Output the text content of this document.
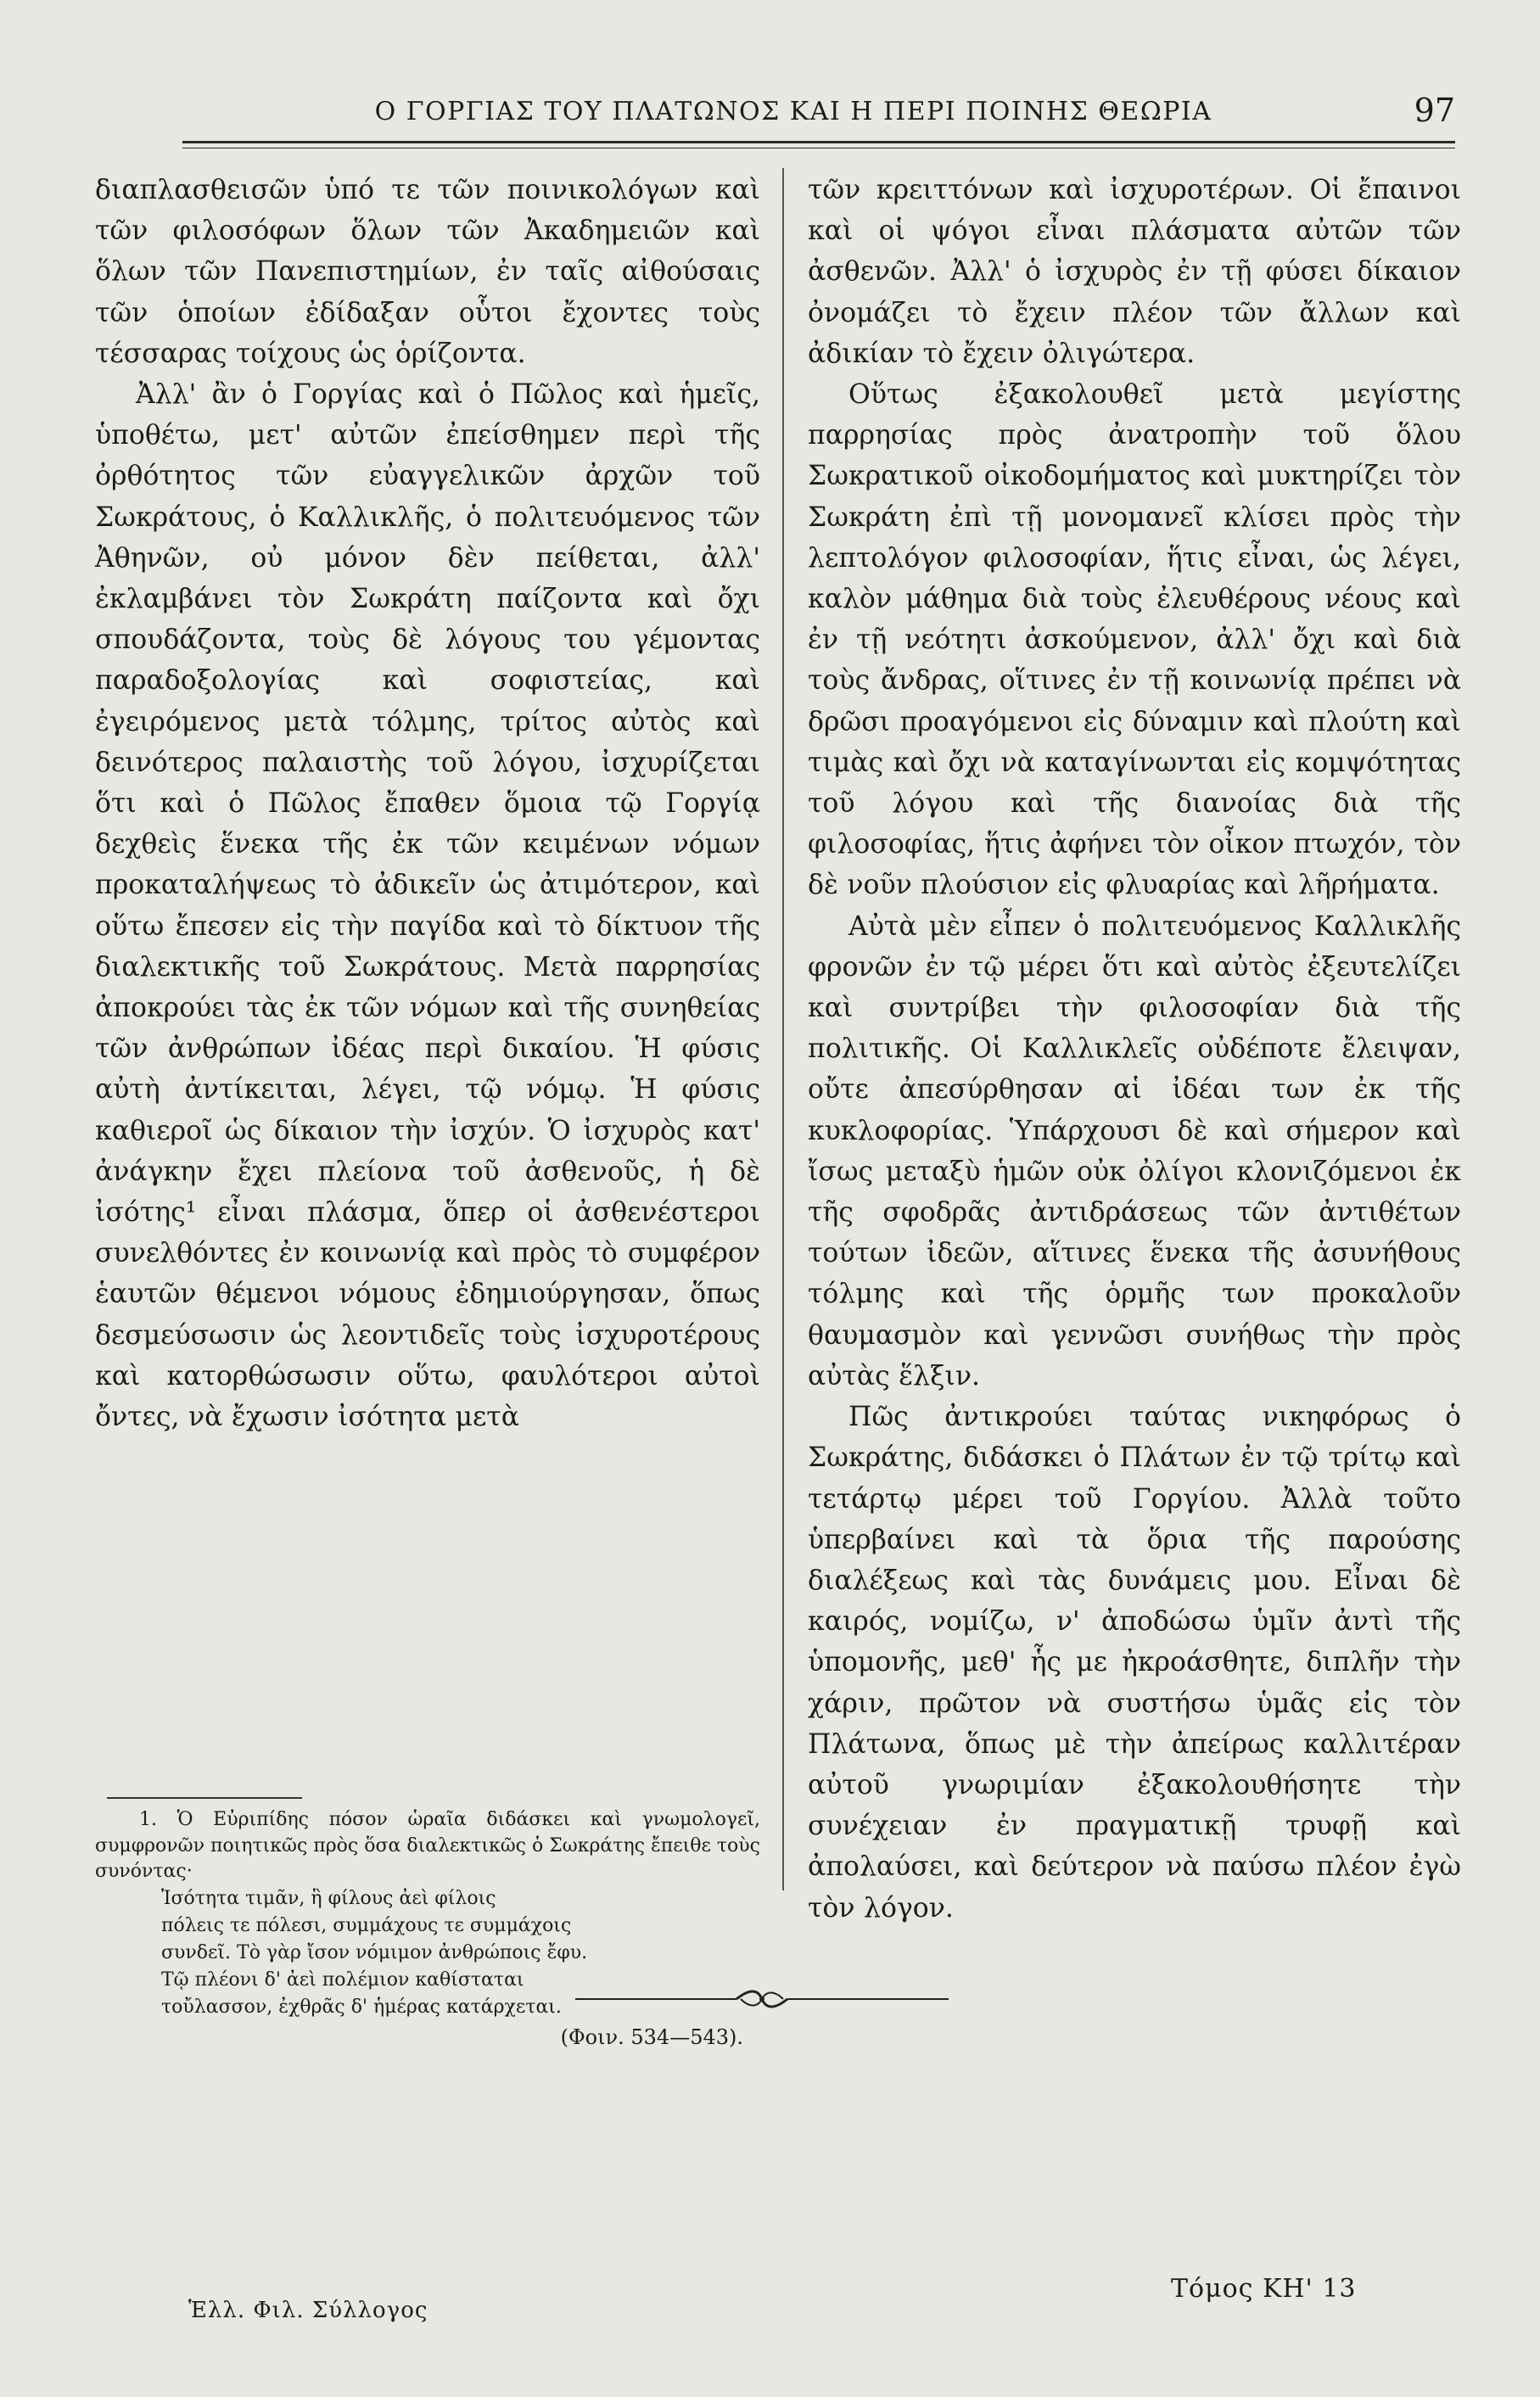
Ο ΓΟΡΓΙΑΣ ΤΟΥ ΠΛΑΤΩΝΟΣ ΚΑΙ Η ΠΕΡΙ ΠΟΙΝΗΣ ΘΕΩΡΙΑ	97

διαπλασθεισῶν ὑπό τε τῶν ποινικολόγων καὶ τῶν φιλοσόφων ὅλων τῶν Ἀκαδημειῶν καὶ ὅλων τῶν Πανεπιστημίων, ἐν ταῖς αἰθούσαις τῶν ὁποίων ἐδίδαξαν οὗτοι ἔχοντες τοὺς τέσσαρας τοίχους ὡς ὁρίζοντα.

Ἀλλ' ἂν ὁ Γοργίας καὶ ὁ Πῶλος καὶ ἡμεῖς, ὑποθέτω, μετ' αὐτῶν ἐπείσθημεν περὶ τῆς ὀρθότητος τῶν εὐαγγελικῶν ἀρχῶν τοῦ Σωκράτους, ὁ Καλλικλῆς, ὁ πολιτευόμενος τῶν Ἀθηνῶν, οὐ μόνον δὲν πείθεται, ἀλλ' ἐκλαμβάνει τὸν Σωκράτη παίζοντα καὶ ὄχι σπουδάζοντα, τοὺς δὲ λόγους του γέμοντας παραδοξολογίας καὶ σοφιστείας, καὶ ἐγειρόμενος μετὰ τόλμης, τρίτος αὐτὸς καὶ δεινότερος παλαιστὴς τοῦ λόγου, ἰσχυρίζεται ὅτι καὶ ὁ Πῶλος ἔπαθεν ὅμοια τῷ Γοργίᾳ δεχθεὶς ἕνεκα τῆς ἐκ τῶν κειμένων νόμων προκαταλήψεως τὸ ἀδικεῖν ὡς ἀτιμότερον, καὶ οὕτω ἔπεσεν εἰς τὴν παγίδα καὶ τὸ δίκτυον τῆς διαλεκτικῆς τοῦ Σωκράτους. Μετὰ παρρησίας ἀποκρούει τὰς ἐκ τῶν νόμων καὶ τῆς συνηθείας τῶν ἀνθρώπων ἰδέας περὶ δικαίου. Ἡ φύσις αὐτὴ ἀντίκειται, λέγει, τῷ νόμῳ. Ἡ φύσις καθιεροῖ ὡς δίκαιον τὴν ἰσχύν. Ὁ ἰσχυρὸς κατ' ἀνάγκην ἔχει πλείονα τοῦ ἀσθενοῦς, ἡ δὲ ἰσότης¹ εἶναι πλάσμα, ὅπερ οἱ ἀσθενέστεροι συνελθόντες ἐν κοινωνίᾳ καὶ πρὸς τὸ συμφέρον ἑαυτῶν θέμενοι νόμους ἐδημιούργησαν, ὅπως δεσμεύσωσιν ὡς λεοντιδεῖς τοὺς ἰσχυροτέρους καὶ κατορθώσωσιν οὕτω, φαυλότεροι αὐτοὶ ὄντες, νὰ ἔχωσιν ἰσότητα μετὰ

τῶν κρειττόνων καὶ ἰσχυροτέρων. Οἱ ἔπαινοι καὶ οἱ ψόγοι εἶναι πλάσματα αὐτῶν τῶν ἀσθενῶν. Ἀλλ' ὁ ἰσχυρὸς ἐν τῇ φύσει δίκαιον ὀνομάζει τὸ ἔχειν πλέον τῶν ἄλλων καὶ ἀδικίαν τὸ ἔχειν ὀλιγώτερα.

Οὕτως ἐξακολουθεῖ μετὰ μεγίστης παρρησίας πρὸς ἀνατροπὴν τοῦ ὅλου Σωκρατικοῦ οἰκοδομήματος καὶ μυκτηρίζει τὸν Σωκράτη ἐπὶ τῇ μονομανεῖ κλίσει πρὸς τὴν λεπτολόγον φιλοσοφίαν, ἥτις εἶναι, ὡς λέγει, καλὸν μάθημα διὰ τοὺς ἐλευθέρους νέους καὶ ἐν τῇ νεότητι ἀσκούμενον, ἀλλ' ὄχι καὶ διὰ τοὺς ἄνδρας, οἵτινες ἐν τῇ κοινωνίᾳ πρέπει νὰ δρῶσι προαγόμενοι εἰς δύναμιν καὶ πλούτη καὶ τιμὰς καὶ ὄχι νὰ καταγίνωνται εἰς κομψότητας τοῦ λόγου καὶ τῆς διανοίας διὰ τῆς φιλοσοφίας, ἥτις ἀφήνει τὸν οἶκον πτωχόν, τὸν δὲ νοῦν πλούσιον εἰς φλυαρίας καὶ λῆρήματα.

Αὐτὰ μὲν εἶπεν ὁ πολιτευόμενος Καλλικλῆς φρονῶν ἐν τῷ μέρει ὅτι καὶ αὐτὸς ἐξευτελίζει καὶ συντρίβει τὴν φιλοσοφίαν διὰ τῆς πολιτικῆς. Οἱ Καλλικλεῖς οὐδέποτε ἔλειψαν, οὔτε ἀπεσύρθησαν αἱ ἰδέαι των ἐκ τῆς κυκλοφορίας. Ὑπάρχουσι δὲ καὶ σήμερον καὶ ἴσως μεταξὺ ἡμῶν οὐκ ὀλίγοι κλονιζόμενοι ἐκ τῆς σφοδρᾶς ἀντιδράσεως τῶν ἀντιθέτων τούτων ἰδεῶν, αἵτινες ἕνεκα τῆς ἀσυνήθους τόλμης καὶ τῆς ὁρμῆς των προκαλοῦν θαυμασμὸν καὶ γεννῶσι συνήθως τὴν πρὸς αὐτὰς ἕλξιν.

Πῶς ἀντικρούει ταύτας νικηφόρως ὁ Σωκράτης, διδάσκει ὁ Πλάτων ἐν τῷ τρίτῳ καὶ τετάρτῳ μέρει τοῦ Γοργίου. Ἀλλὰ τοῦτο ὑπερβαίνει καὶ τὰ ὅρια τῆς παρούσης διαλέξεως καὶ τὰς δυνάμεις μου. Εἶναι δὲ καιρός, νομίζω, ν' ἀποδώσω ὑμῖν ἀντὶ τῆς ὑπομονῆς, μεθ' ἧς με ἠκροάσθητε, διπλῆν τὴν χάριν, πρῶτον νὰ συστήσω ὑμᾶς εἰς τὸν Πλάτωνα, ὅπως μὲ τὴν ἀπείρως καλλιτέραν αὐτοῦ γνωριμίαν ἐξακολουθήσητε τὴν συνέχειαν ἐν πραγματικῇ τρυφῇ καὶ ἀπολαύσει, καὶ δεύτερον νὰ παύσω πλέον ἐγὼ τὸν λόγον.

1. Ὁ Εὐριπίδης πόσον ὡραῖα διδάσκει καὶ γνωμολογεῖ, συμφρονῶν ποιητικῶς πρὸς ὅσα διαλεκτικῶς ὁ Σωκράτης ἔπειθε τοὺς συνόντας·

Ἰσότητα τιμᾶν, ἣ φίλους ἀεὶ φίλοις

πόλεις τε πόλεσι, συμμάχους τε συμμάχοις

συνδεῖ. Τὸ γὰρ ἴσον νόμιμον ἀνθρώποις ἔφυ.

Τῷ πλέονι δ' ἀεὶ πολέμιον καθίσταται

τοὔλασσον, ἐχθρᾶς δ' ἡμέρας κατάρχεται.

(Φοιν. 534—543).

Ἑλλ. Φιλ. Σύλλογος
Τόμος ΚΗ' 13
